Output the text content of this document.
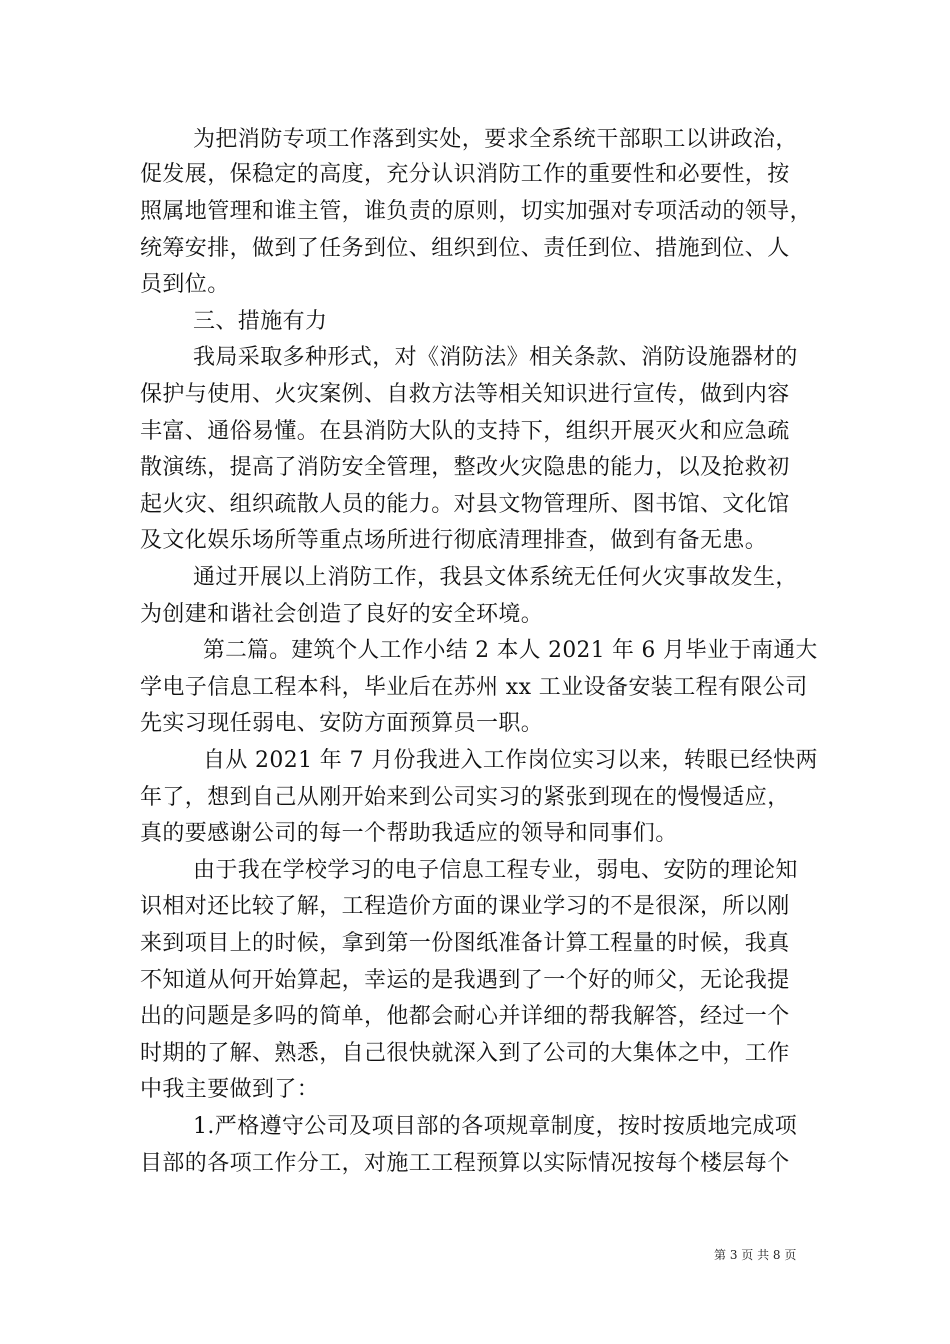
为把消防专项工作落到实处，要求全系统干部职工以讲政治，
促发展，保稳定的高度，充分认识消防工作的重要性和必要性，按
照属地管理和谁主管，谁负责的原则，切实加强对专项活动的领导，
统筹安排，做到了任务到位、组织到位、责任到位、措施到位、人
员到位。
三、措施有力
我局采取多种形式，对《消防法》相关条款、消防设施器材的
保护与使用、火灾案例、自救方法等相关知识进行宣传，做到内容
丰富、通俗易懂。在县消防大队的支持下，组织开展灭火和应急疏
散演练，提高了消防安全管理，整改火灾隐患的能力，以及抢救初
起火灾、组织疏散人员的能力。对县文物管理所、图书馆、文化馆
及文化娱乐场所等重点场所进行彻底清理排查，做到有备无患。
通过开展以上消防工作，我县文体系统无任何火灾事故发生，
为创建和谐社会创造了良好的安全环境。
第二篇。建筑个人工作小结 2 本人 2021 年 6 月毕业于南通大
学电子信息工程本科，毕业后在苏州 xx 工业设备安装工程有限公司
先实习现任弱电、安防方面预算员一职。
自从 2021 年 7 月份我进入工作岗位实习以来，转眼已经快两
年了，想到自己从刚开始来到公司实习的紧张到现在的慢慢适应，
真的要感谢公司的每一个帮助我适应的领导和同事们。
由于我在学校学习的电子信息工程专业，弱电、安防的理论知
识相对还比较了解，工程造价方面的课业学习的不是很深，所以刚
来到项目上的时候，拿到第一份图纸准备计算工程量的时候，我真
不知道从何开始算起，幸运的是我遇到了一个好的师父，无论我提
出的问题是多吗的简单，他都会耐心并详细的帮我解答，经过一个
时期的了解、熟悉，自己很快就深入到了公司的大集体之中，工作
中我主要做到了：
1.严格遵守公司及项目部的各项规章制度，按时按质地完成项
目部的各项工作分工，对施工工程预算以实际情况按每个楼层每个
第 3 页 共 8 页
